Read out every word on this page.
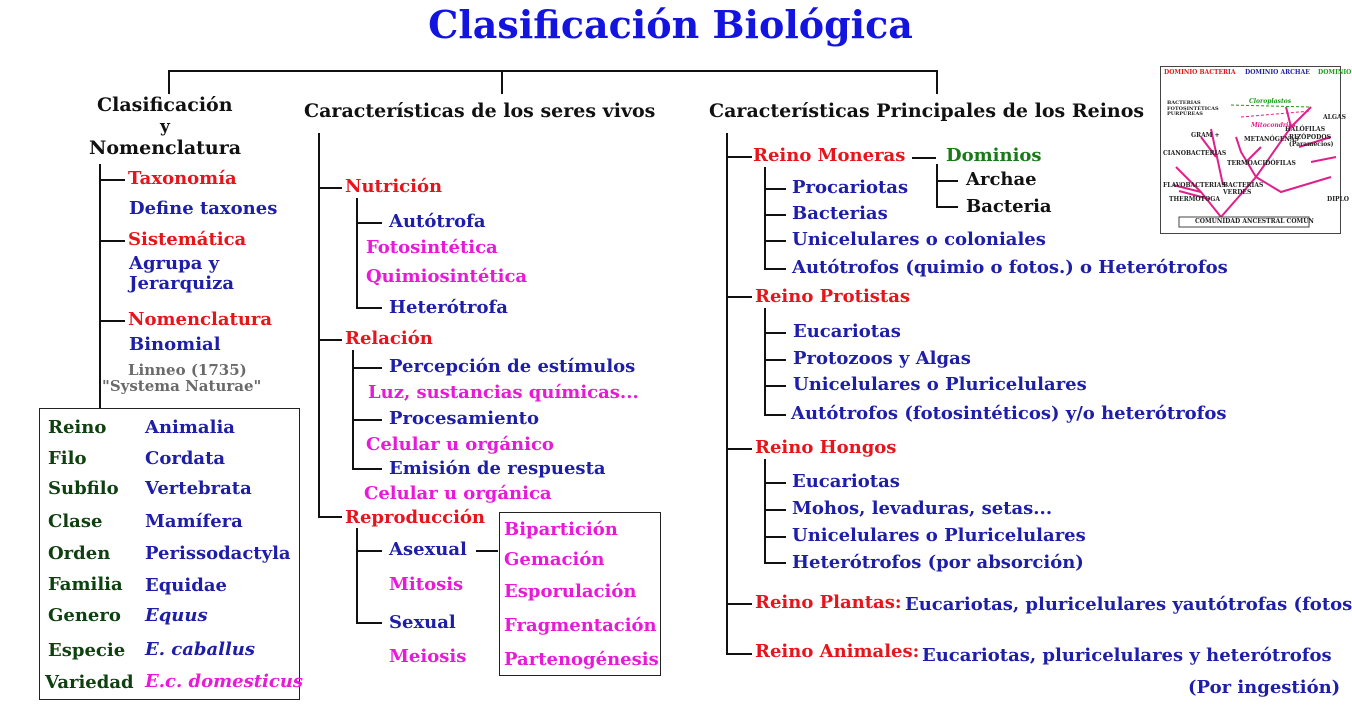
Clasificación Biológica
Clasificación
y
Nomenclatura
Taxonomía
Define taxones
Sistemática
Agrupa y
Jerarquiza
Nomenclatura
Binomial
Linneo (1735)
"Systema Naturae"
Reino Animalia
Filo	Cordata
Subfilo Vertebrata
Clase Mamífera
Orden Perissodactyla
Familia Equidae
Genero Equus
Especie E. caballus
Variedad E.c. domesticus
Características de los seres vivos
Nutrición
Autótrofa
Fotosintética
Quimiosintética
Heterótrofa
Relación
Percepción de estímulos
Luz, sustancias químicas...
Procesamiento
Celular u orgánico
Emisión de respuesta
Celular u orgánica
Reproducción
Asexual
Mitosis
Sexual
Meiosis
Bipartición
Gemación
Esporulación
Fragmentación
Partenogénesis
Características Principales de los Reinos
Reino Moneras Dominios
Archae
Bacteria
Procariotas
Bacterias
Unicelulares o coloniales
Autótrofos (quimio o fotos.) o Heterótrofos
Reino Protistas
Eucariotas
Protozoos y Algas
Unicelulares o Pluricelulares
Autótrofos (fotosintéticos) y/o heterótrofos
Reino Hongos
Eucariotas
Mohos, levaduras, setas...
Unicelulares o Pluricelulares
Heterótrofos (por absorción)
Reino Plantas: Eucariotas, pluricelulares yautótrofas (fotos
Reino Animales: Eucariotas, pluricelulares y heterótrofos
(Por ingestión)
DOMINIO BACTERIA DOMINIO ARCHAE DOMINIO
BACTERIAS FOTOSINTÉTICAS PURPÚREAS
GRAM +
CIANOBACTERIAS
FLAVOBACTERIAS
THERMOTOGA
BACTERIAS VERDES
METANÓGENAS
TERMOACIDÓFILAS
HALÓFILAS
RIZÓPODOS (Paramecios)
ALGAS
Cloroplastos
Mitocondrias
DIPLO
COMUNIDAD ANCESTRAL COMÚN
